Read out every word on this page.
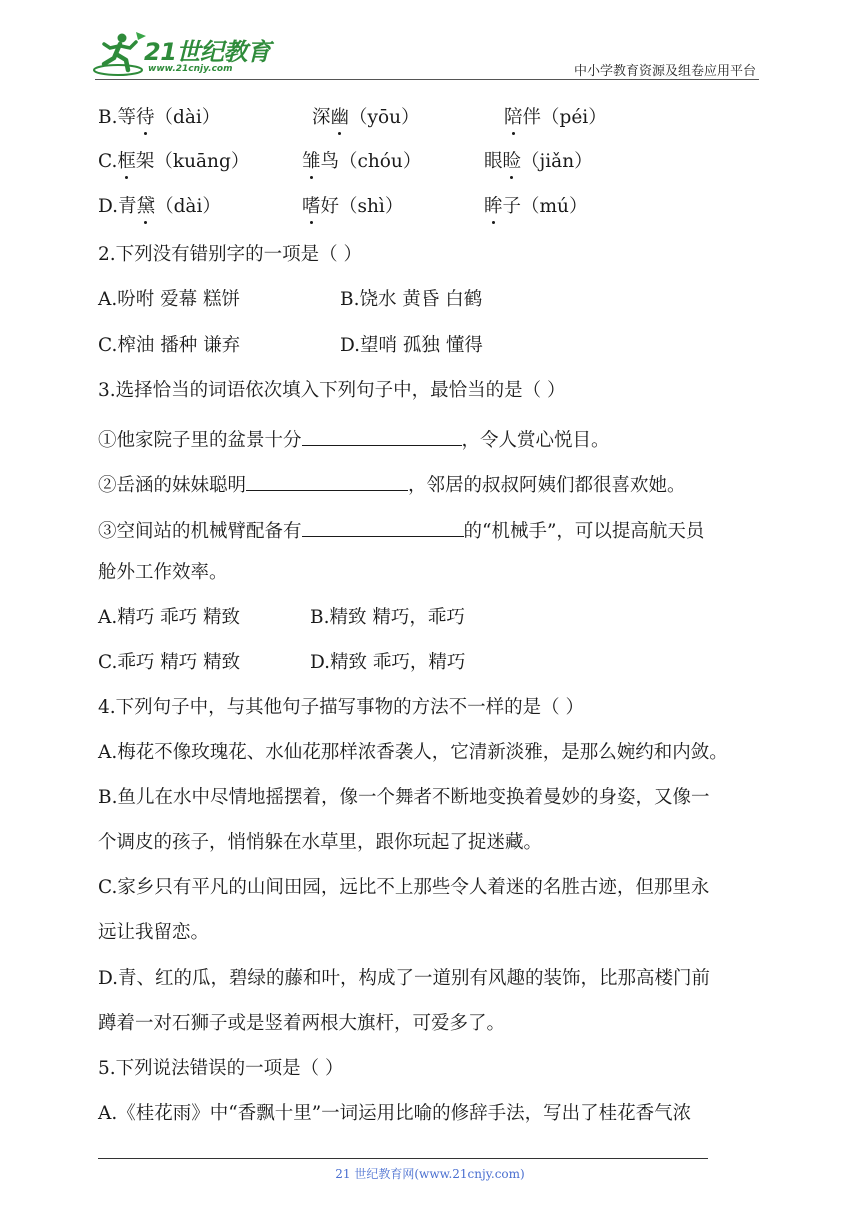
21世纪教育
www.21cnjy.com	中小学教育资源及组卷应用平台
B.等待（dài）	深幽（yōu）	陪伴（péi）
C.框架（kuāng）	雏鸟（chóu）	眼睑（jiǎn）
D.青黛（dài）	嗜好（shì）	眸子（mú）
2.下列没有错别字的一项是（ ）
A.吩咐 爱幕 糕饼	B.饶水 黄昏 白鹤
C.榨油 播种 谦弃	D.望哨 孤独 懂得
3.选择恰当的词语依次填入下列句子中，最恰当的是（ ）
①他家院子里的盆景十分	，令人赏心悦目。
②岳涵的妹妹聪明	，邻居的叔叔阿姨们都很喜欢她。
③空间站的机械臂配备有	的“机械手”，可以提高航天员
舱外工作效率。
A.精巧 乖巧 精致	B.精致 精巧，乖巧
C.乖巧 精巧 精致	D.精致 乖巧，精巧
4.下列句子中，与其他句子描写事物的方法不一样的是（ ）
A.梅花不像玫瑰花、水仙花那样浓香袭人，它清新淡雅，是那么婉约和内敛。
B.鱼儿在水中尽情地摇摆着，像一个舞者不断地变换着曼妙的身姿，又像一
个调皮的孩子，悄悄躲在水草里，跟你玩起了捉迷藏。
C.家乡只有平凡的山间田园，远比不上那些令人着迷的名胜古迹，但那里永
远让我留恋。
D.青、红的瓜，碧绿的藤和叶，构成了一道别有风趣的装饰，比那高楼门前
蹲着一对石狮子或是竖着两根大旗杆，可爱多了。
5.下列说法错误的一项是（ ）
A.《桂花雨》中“香飘十里”一词运用比喻的修辞手法，写出了桂花香气浓
21 世纪教育网(www.21cnjy.com)
